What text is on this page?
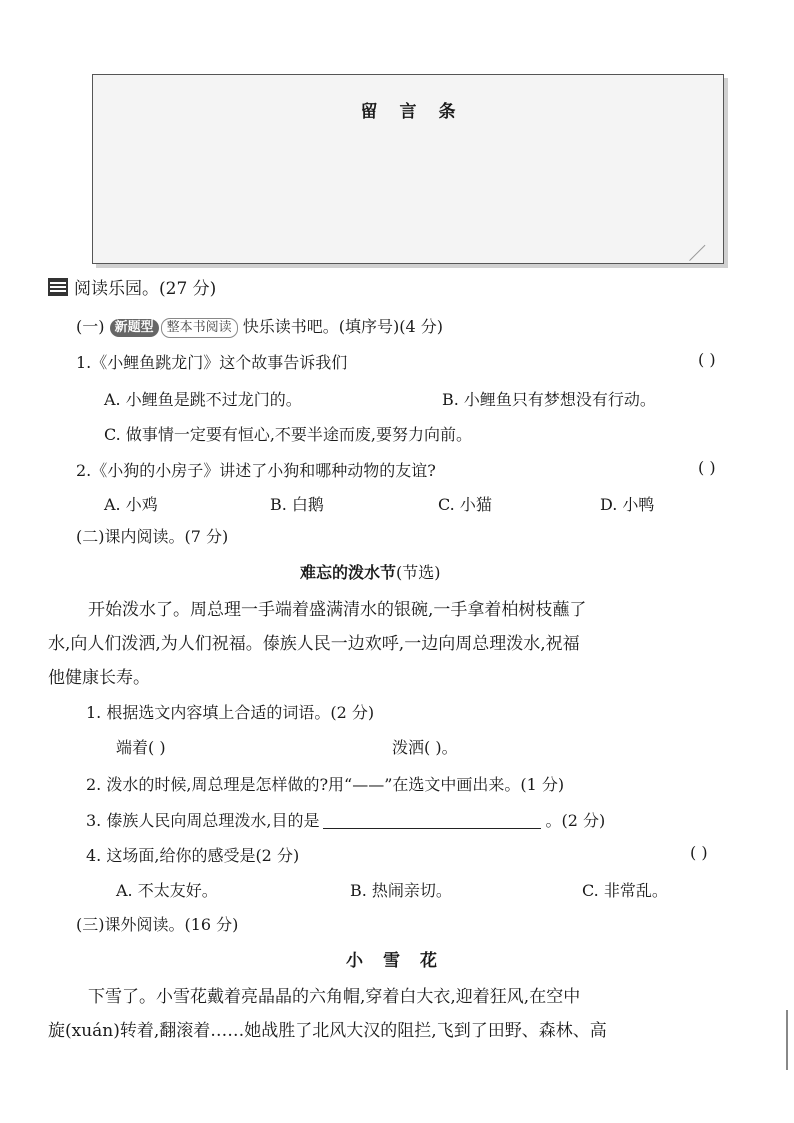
留言条
阅读乐园。(27 分)
(一) 新题型 整本书阅读 快乐读书吧。(填序号)(4 分)
1.《小鲤鱼跳龙门》这个故事告诉我们	( )
A. 小鲤鱼是跳不过龙门的。	B. 小鲤鱼只有梦想没有行动。
C. 做事情一定要有恒心,不要半途而废,要努力向前。
2.《小狗的小房子》讲述了小狗和哪种动物的友谊?	( )
A. 小鸡	B. 白鹅	C. 小猫	D. 小鸭
(二)课内阅读。(7 分)
难忘的泼水节(节选)
开始泼水了。周总理一手端着盛满清水的银碗,一手拿着柏树枝蘸了
水,向人们泼洒,为人们祝福。傣族人民一边欢呼,一边向周总理泼水,祝福
他健康长寿。
1. 根据选文内容填上合适的词语。(2 分)
端着( )	泼洒( )。
2. 泼水的时候,周总理是怎样做的?用“——”在选文中画出来。(1 分)
3. 傣族人民向周总理泼水,目的是	。(2 分)
4. 这场面,给你的感受是(2 分)	( )
A. 不太友好。	B. 热闹亲切。	C. 非常乱。
(三)课外阅读。(16 分)
小雪花
下雪了。小雪花戴着亮晶晶的六角帽,穿着白大衣,迎着狂风,在空中
旋(xuán)转着,翻滚着……她战胜了北风大汉的阻拦,飞到了田野、森林、高
